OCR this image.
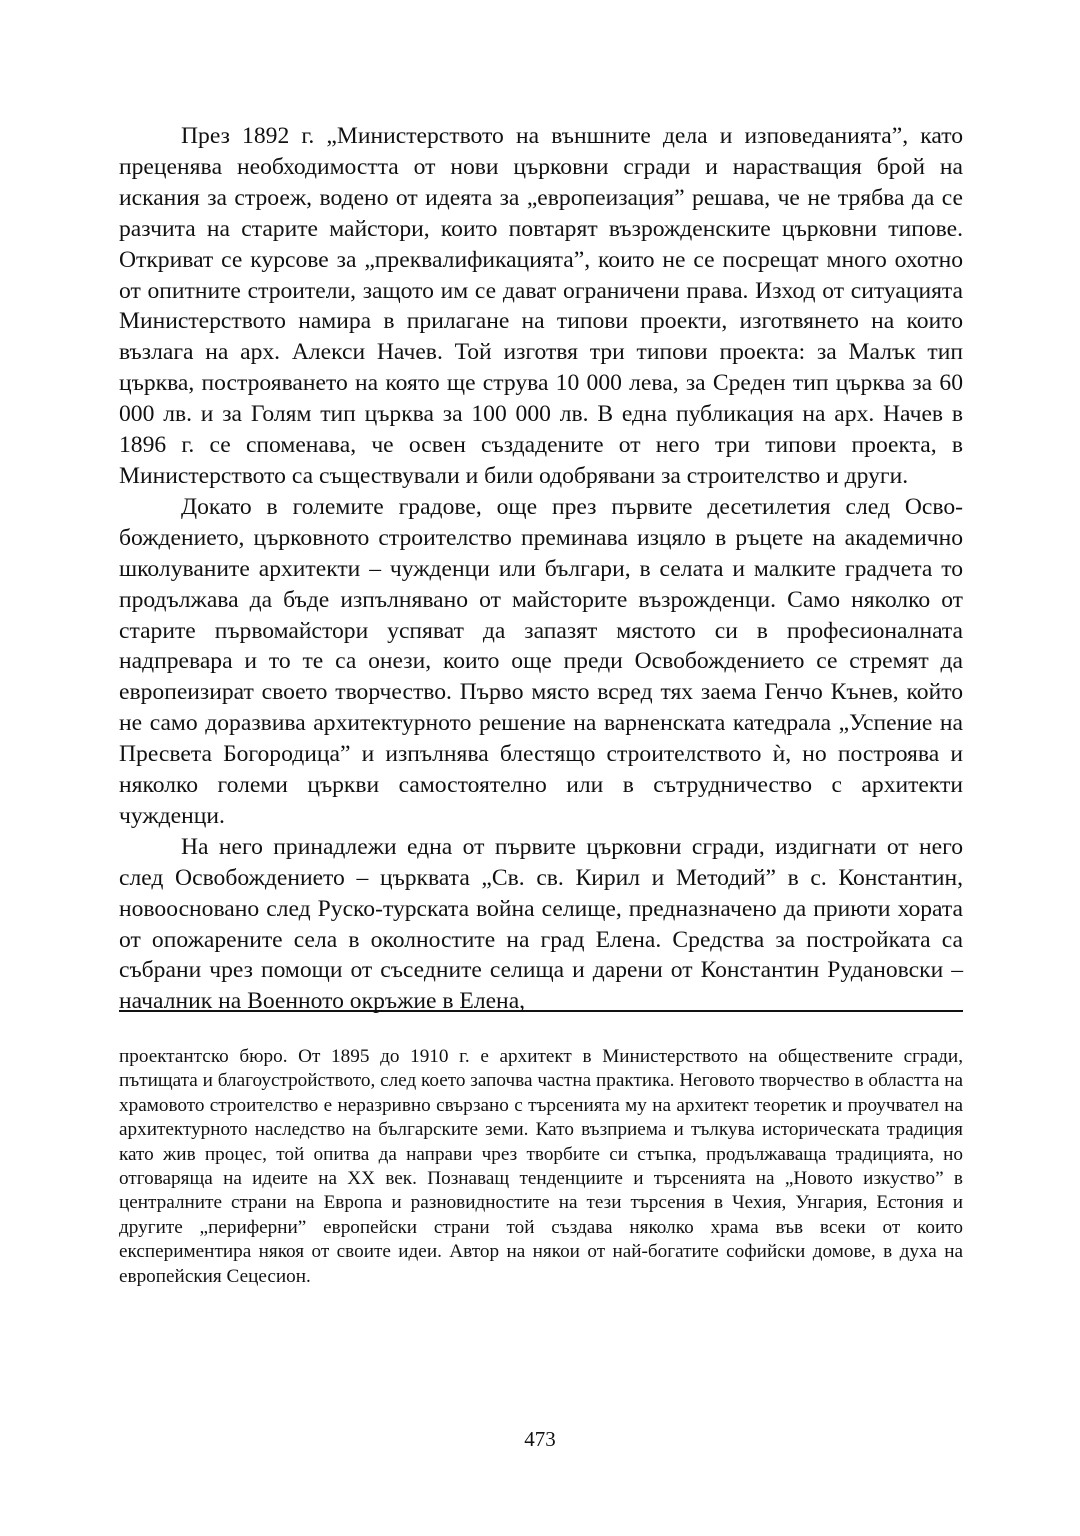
През 1892 г. „Министерството на външните дела и изповеданията”, като преценявa необходимостта от нови църковни сгради и нарастващия брой на искания за строеж, водено от идеята за „европеизация” решава, че не трябва да се разчита на старите майстори, които повтарят възрожденските църковни типове. Откриват се курсове за „преквалификацията”, които не се посрещат много охотно от опитните строители, защото им се дават ограничени права. Изход от ситуацията Министерството намира в прилагане на типови проекти, изготвянето на които възлага на арх. Алекси Начев. Той изготвя три типови проекта: за Малък тип църква, построяването на която ще струва 10 000 лева, за Среден тип църква за 60 000 лв. и за Голям тип църква за 100 000 лв. В една публикация на арх. Начев в 1896 г. се споменава, че освен създадените от него три типови проекта, в Министерството са съществували и били одобрявани за строителство и други.

Докато в големите градове, още през първите десетилетия след Освобождението, църковното строителство преминава изцяло в ръцете на академично школуваните архитекти – чужденци или българи, в селата и малките градчета то продължава да бъде изпълнявано от майсторите възрожденци. Само няколко от старите първомайстори успяват да запазят мястото си в професионалната надпревара и то те са онези, които още преди Освобождението се стремят да европеизират своето творчество. Първо място всред тях заема Генчо Кънев, който не само доразвива архитектурното решение на варненската катедрала „Успение на Пресвета Богородица” и изпълнява блестящо строителството ѝ, но построява и няколко големи църкви самостоятелно или в сътрудничество с архитекти чужденци.

На него принадлежи една от първите църковни сгради, издигнати от него след Освобождението – църквата „Св. св. Кирил и Методий” в с. Константин, новооснoвано след Руско-турската война селище, предназначено да приюти хората от опожарените села в околностите на град Елена. Средства за постройката са събрани чрез помощи от съседните селища и дарени от Константин Рудановски – началник на Военното окръжие в Елена,

проектантско бюро. От 1895 до 1910 г. е архитект в Министерството на обществените сгради, пътищата и благоустройството, след което започва частна практика. Неговото творчество в областта на храмовото строителство е неразривно свързано с търсенията му на архитект теоретик и проучвател на архитектурното наследство на българските земи. Като възприема и тълкува историческата традиция като жив процес, той опитва да направи чрез творбите си стъпка, продължаваща традицията, но отговаряща на идеите на XX век. Познаващ тенденциите и търсенията на „Новото изкуство” в централните страни на Европа и разновидностите на тези търсения в Чехия, Унгария, Естония и другите „периферни” европейски страни той създава няколко храма във всеки от които експериментира някоя от своите идеи. Автор на някои от най-богатите софийски домове, в духа на европейския Сецесион.

473
